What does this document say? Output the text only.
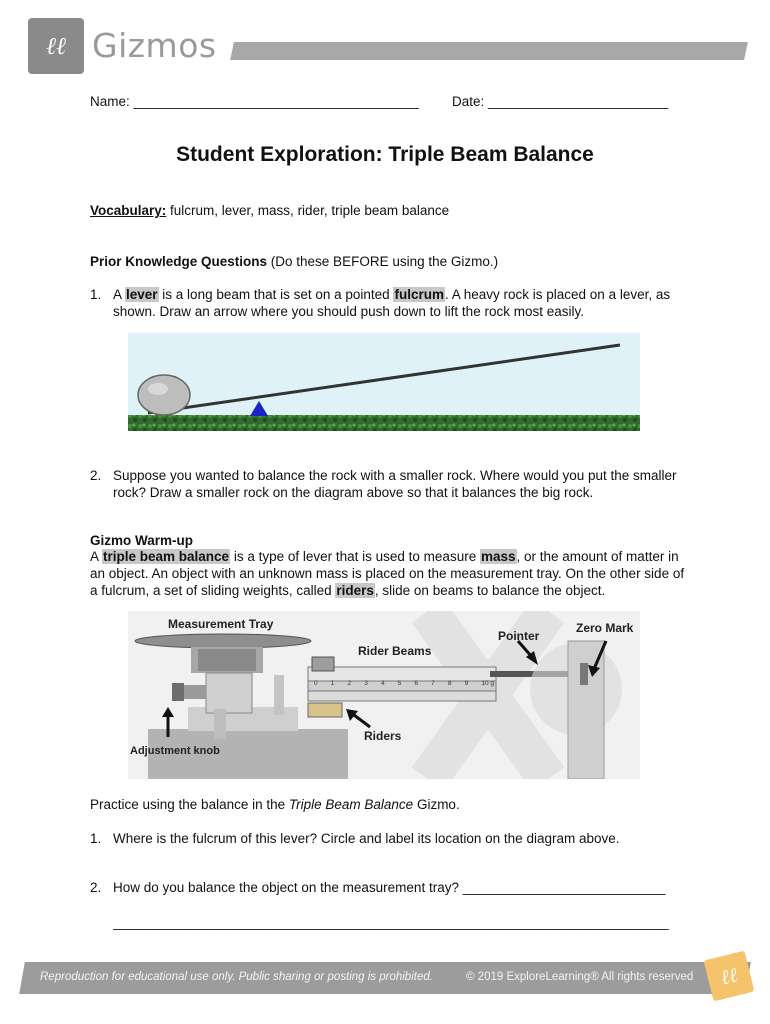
ℓℓ Gizmos
Name: ______________________________________ Date: ________________________
Student Exploration: Triple Beam Balance
Vocabulary: fulcrum, lever, mass, rider, triple beam balance
Prior Knowledge Questions (Do these BEFORE using the Gizmo.)
1. A lever is a long beam that is set on a pointed fulcrum. A heavy rock is placed on a lever, as shown. Draw an arrow where you should push down to lift the rock most easily.
2. Suppose you wanted to balance the rock with a smaller rock. Where would you put the smaller rock? Draw a smaller rock on the diagram above so that it balances the big rock.
Gizmo Warm-up
A triple beam balance is a type of lever that is used to measure mass, or the amount of matter in an object. An object with an unknown mass is placed on the measurement tray. On the other side of a fulcrum, a set of sliding weights, called riders, slide on beams to balance the object.
0 1 2 3 4 5 6 7 8 9 10 g
Measurement Tray
Pointer
Zero Mark
Rider Beams
Riders
Adjustment knob
Practice using the balance in the Triple Beam Balance Gizmo.
1. Where is the fulcrum of this lever? Circle and label its location on the diagram above.
2. How do you balance the object on the measurement tray? ___________________________
__________________________________________________________________________
Reproduction for educational use only. Public sharing or posting is prohibited.	© 2019 ExploreLearning® All rights reserved ℓℓ
